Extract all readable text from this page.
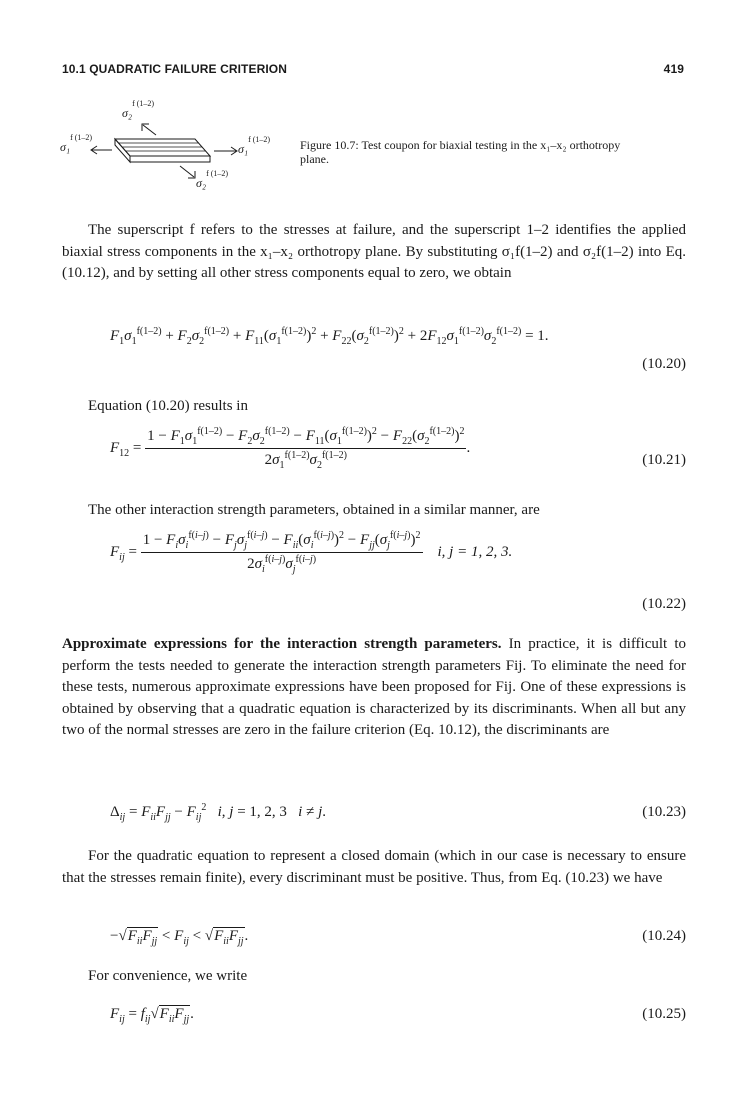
10.1 QUADRATIC FAILURE CRITERION	419
σ₂$^{f (1-2)}$
σ₁$^{f (1-2)}$
σ₁$^{f (1-2)}$
σ₂$^{f (1-2)}$
Figure 10.7: Test coupon for biaxial testing in the x₁–x₂ orthotropy plane.

The superscript f refers to the stresses at failure, and the superscript 1–2 identifies the applied biaxial stress components in the x₁–x₂ orthotropy plane. By substituting σ₁f(1–2) and σ₂f(1–2) into Eq. (10.12), and by setting all other stress components equal to zero, we obtain

$F_1\sigma_1^{f(1-2)} + F_2\sigma_2^{f(1-2)} + F_{11}(\sigma_1^{f(1-2)})^2 + F_{22}(\sigma_2^{f(1-2)})^2 + 2F_{12}\sigma_1^{f(1-2)}\sigma_2^{f(1-2)} = 1$.
(10.20)

Equation (10.20) results in

$F_{12}$ =
$1 - F_1\sigma_1^{f(1-2)} - F_2\sigma_2^{f(1-2)} - F_{11}(\sigma_1^{f(1-2)})^2 - F_{22}(\sigma_2^{f(1-2)})^2$
$2\sigma_1^{f(1-2)}\sigma_2^{f(1-2)}$	.
(10.21)

The other interaction strength parameters, obtained in a similar manner, are

$F_{ij}$ =
$1 - F_i\sigma_i^{f(i-j)} - F_j\sigma_j^{f(i-j)} - F_{ii}(\sigma_i^{f(i-j)})^2 - F_{jj}(\sigma_j^{f(i-j)})^2$
$2\sigma_i^{f(i-j)}\sigma_j^{f(i-j)}$	i, j = 1, 2, 3.
(10.22)

Approximate expressions for the interaction strength parameters. In practice, it is difficult to perform the tests needed to generate the interaction strength parameters Fij. To eliminate the need for these tests, numerous approximate expressions have been proposed for Fij. One of these expressions is obtained by observing that a quadratic equation is characterized by its discriminants. When all but any two of the normal stresses are zero in the failure criterion (Eq. 10.12), the discriminants are

$\Delta_{ij} = F_{ii}F_{jj} - F_{ij}^2$ i, j = 1, 2, 3   i ≠ j.	(10.23)

For the quadratic equation to represent a closed domain (which in our case is necessary to ensure that the stresses remain finite), every discriminant must be positive. Thus, from Eq. (10.23) we have

$-√F_{ii}F_{jj} < F_{ij} < √F_{ii}F_{jj}$.	(10.24)

For convenience, we write

$F_{ij} = f_{ij}√F_{ii}F_{jj}$.	(10.25)
